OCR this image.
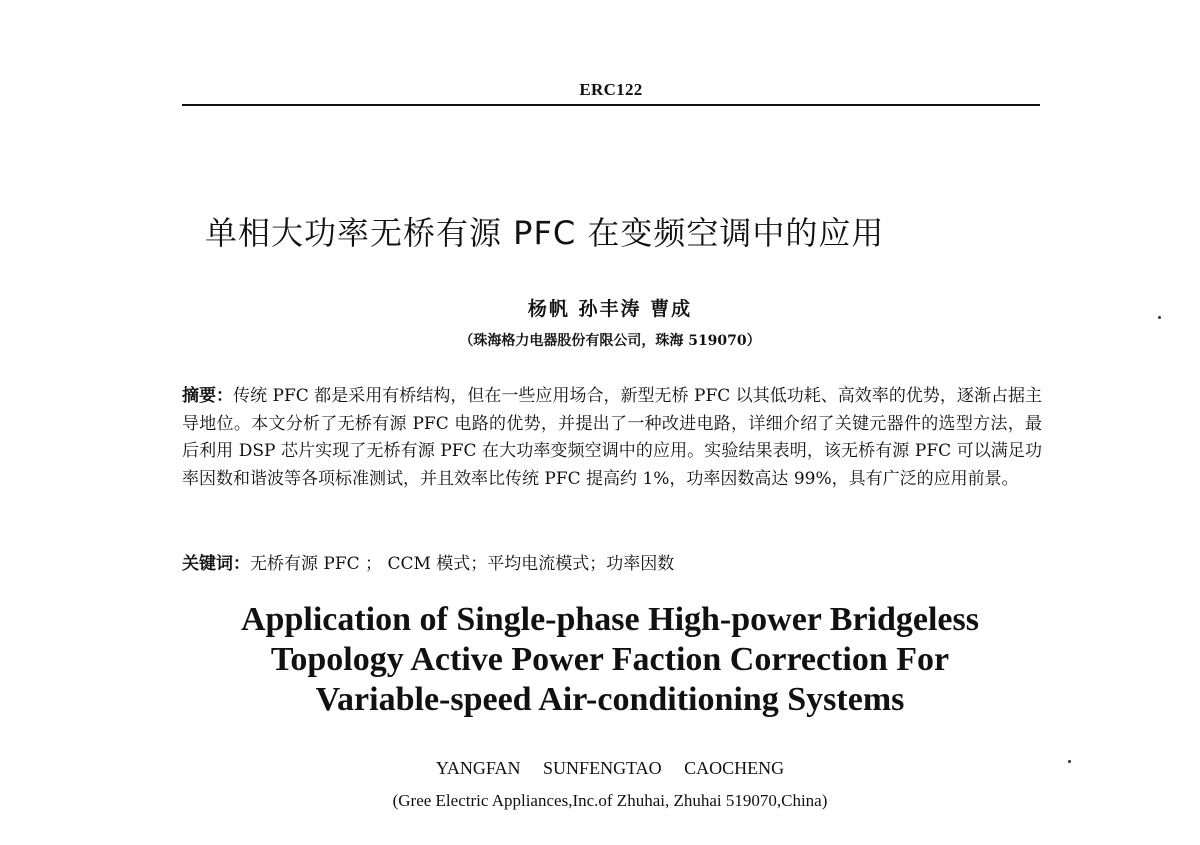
ERC122
单相大功率无桥有源 PFC 在变频空调中的应用
杨帆 孙丰涛 曹成
（珠海格力电器股份有限公司，珠海 519070）
摘要：传统 PFC 都是采用有桥结构，但在一些应用场合，新型无桥 PFC 以其低功耗、高效率的优势，逐渐占据主导地位。本文分析了无桥有源 PFC 电路的优势，并提出了一种改进电路，详细介绍了关键元器件的选型方法，最后利用 DSP 芯片实现了无桥有源 PFC 在大功率变频空调中的应用。实验结果表明，该无桥有源 PFC 可以满足功率因数和谐波等各项标准测试，并且效率比传统 PFC 提高约 1%，功率因数高达 99%，具有广泛的应用前景。
关键词：无桥有源 PFC ； CCM 模式；平均电流模式；功率因数
Application of Single-phase High-power Bridgeless
Topology Active Power Faction Correction For
Variable-speed Air-conditioning Systems
YANGFAN     SUNFENGTAO     CAOCHENG
(Gree Electric Appliances,Inc.of Zhuhai, Zhuhai 519070,China)
